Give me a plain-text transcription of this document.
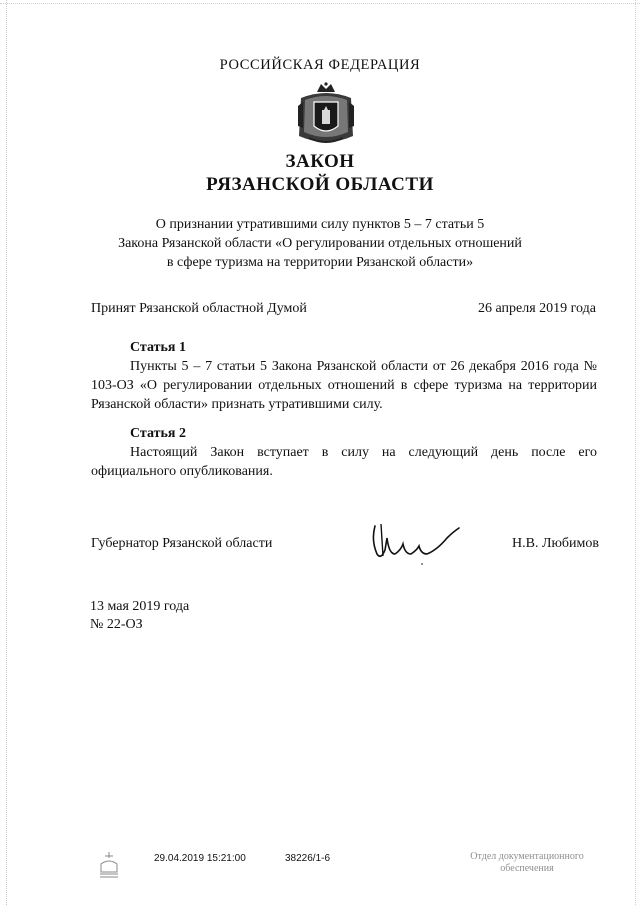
РОССИЙСКАЯ ФЕДЕРАЦИЯ
ЗАКОН
РЯЗАНСКОЙ ОБЛАСТИ
О признании утратившими силу пунктов 5 – 7 статьи 5
Закона Рязанской области «О регулировании отдельных отношений
в сфере туризма на территории Рязанской области»
Принят Рязанской областной Думой	26 апреля 2019 года
Статья 1

Пункты 5 – 7 статьи 5 Закона Рязанской области от 26 декабря 2016 года № 103-ОЗ «О регулировании отдельных отношений в сфере туризма на территории Рязанской области» признать утратившими силу.

Статья 2

Настоящий Закон вступает в силу на следующий день после его официального опубликования.

Губернатор Рязанской области	Н.В. Любимов
13 мая 2019 года
№ 22-ОЗ
29.04.2019 15:21:00	38226/1-6	Отдел документационного
обеспечения
